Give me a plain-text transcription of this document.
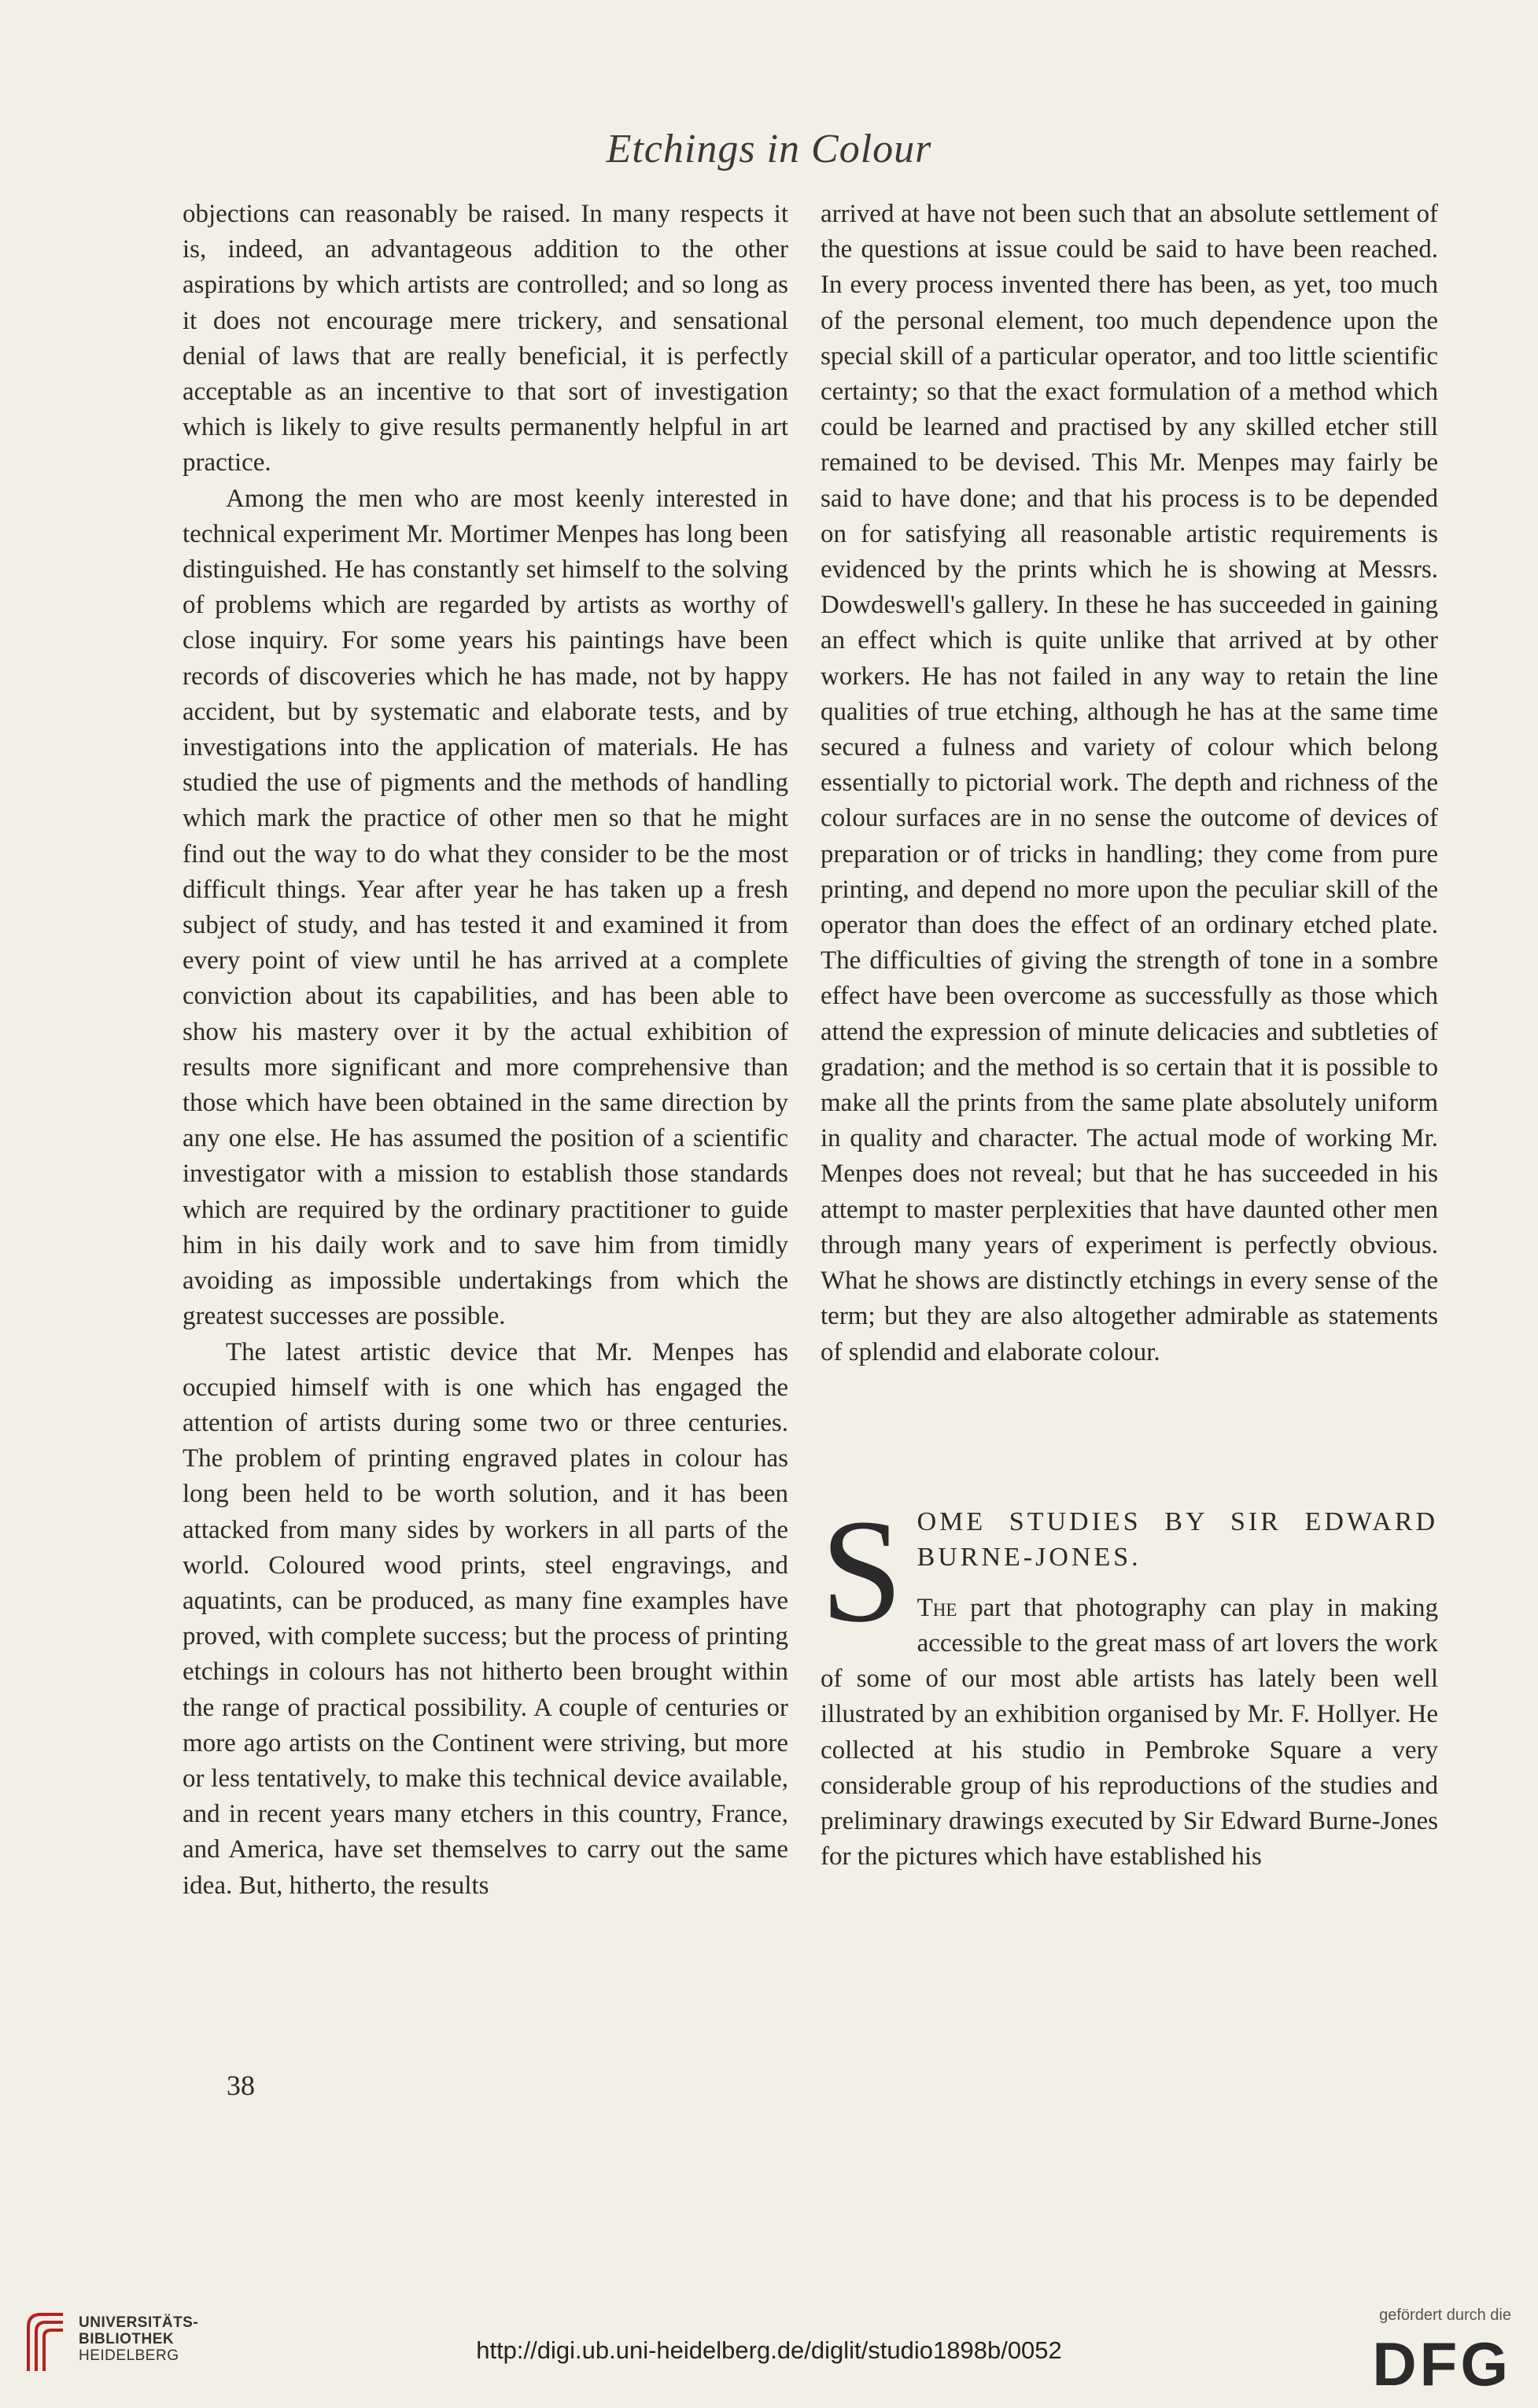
Etchings in Colour

objections can reasonably be raised. In many respects it is, indeed, an advantageous addition to the other aspirations by which artists are controlled; and so long as it does not encourage mere trickery, and sensational denial of laws that are really beneficial, it is perfectly acceptable as an incentive to that sort of investigation which is likely to give results permanently helpful in art practice.

Among the men who are most keenly interested in technical experiment Mr. Mortimer Menpes has long been distinguished. He has constantly set himself to the solving of problems which are regarded by artists as worthy of close inquiry. For some years his paintings have been records of discoveries which he has made, not by happy accident, but by systematic and elaborate tests, and by investigations into the application of materials. He has studied the use of pigments and the methods of handling which mark the practice of other men so that he might find out the way to do what they consider to be the most difficult things. Year after year he has taken up a fresh subject of study, and has tested it and examined it from every point of view until he has arrived at a complete conviction about its capabilities, and has been able to show his mastery over it by the actual exhibition of results more significant and more comprehensive than those which have been obtained in the same direction by any one else. He has assumed the position of a scientific investigator with a mission to establish those standards which are required by the ordinary practitioner to guide him in his daily work and to save him from timidly avoiding as impossible undertakings from which the greatest successes are possible.

The latest artistic device that Mr. Menpes has occupied himself with is one which has engaged the attention of artists during some two or three centuries. The problem of printing engraved plates in colour has long been held to be worth solution, and it has been attacked from many sides by workers in all parts of the world. Coloured wood prints, steel engravings, and aquatints, can be produced, as many fine examples have proved, with complete success; but the process of printing etchings in colours has not hitherto been brought within the range of practical possibility. A couple of centuries or more ago artists on the Continent were striving, but more or less tentatively, to make this technical device available, and in recent years many etchers in this country, France, and America, have set themselves to carry out the same idea. But, hitherto, the results

arrived at have not been such that an absolute settlement of the questions at issue could be said to have been reached. In every process invented there has been, as yet, too much of the personal element, too much dependence upon the special skill of a particular operator, and too little scientific certainty; so that the exact formulation of a method which could be learned and practised by any skilled etcher still remained to be devised. This Mr. Menpes may fairly be said to have done; and that his process is to be depended on for satisfying all reasonable artistic requirements is evidenced by the prints which he is showing at Messrs. Dowdeswell's gallery. In these he has succeeded in gaining an effect which is quite unlike that arrived at by other workers. He has not failed in any way to retain the line qualities of true etching, although he has at the same time secured a fulness and variety of colour which belong essentially to pictorial work. The depth and richness of the colour surfaces are in no sense the outcome of devices of preparation or of tricks in handling; they come from pure printing, and depend no more upon the peculiar skill of the operator than does the effect of an ordinary etched plate. The difficulties of giving the strength of tone in a sombre effect have been overcome as successfully as those which attend the expression of minute delicacies and subtleties of gradation; and the method is so certain that it is possible to make all the prints from the same plate absolutely uniform in quality and character. The actual mode of working Mr. Menpes does not reveal; but that he has succeeded in his attempt to master perplexities that have daunted other men through many years of experiment is perfectly obvious. What he shows are distinctly etchings in every sense of the term; but they are also altogether admirable as statements of splendid and elaborate colour.

S OME STUDIES BY SIR EDWARD BURNE-JONES.

The part that photography can play in making accessible to the great mass of art lovers the work of some of our most able artists has lately been well illustrated by an exhibition organised by Mr. F. Hollyer. He collected at his studio in Pembroke Square a very considerable group of his reproductions of the studies and preliminary drawings executed by Sir Edward Burne-Jones for the pictures which have established his

38
UNIVERSITÄTS-
BIBLIOTHEK
HEIDELBERG	http://digi.ub.uni-heidelberg.de/diglit/studio1898b/0052
gefördert durch die
DFG
